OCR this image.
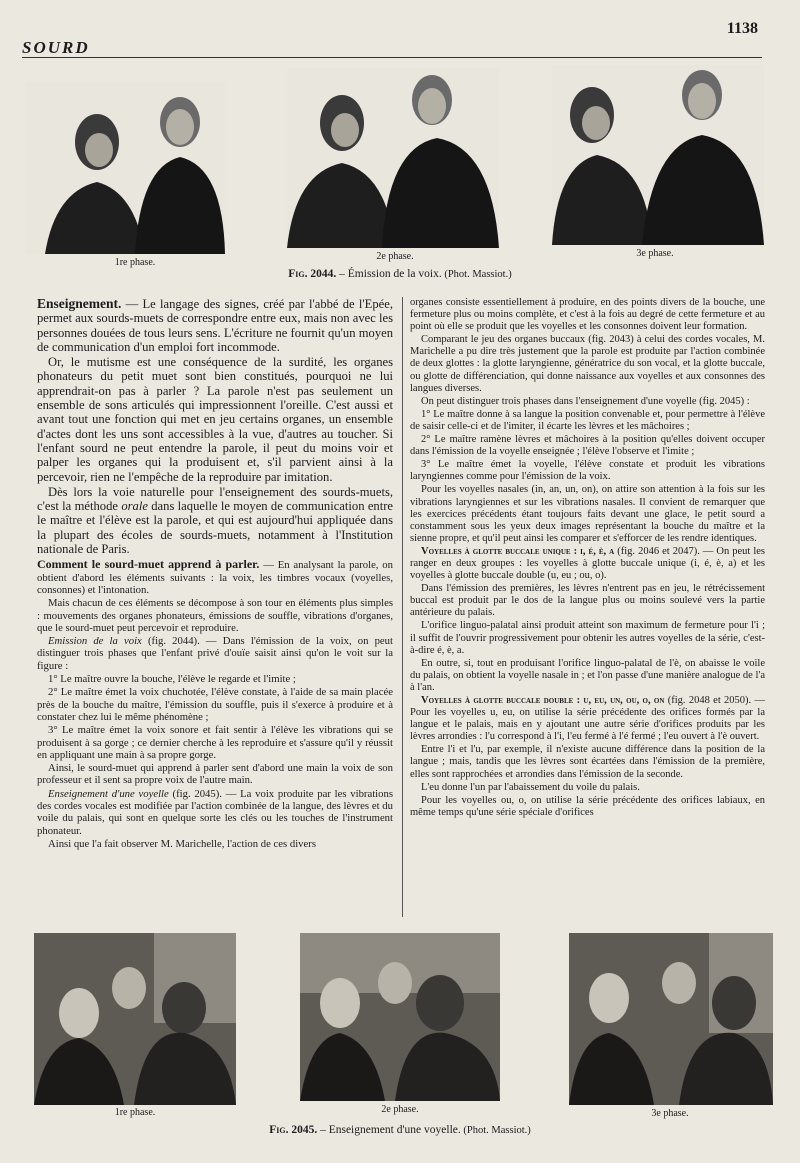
SOURD
1138
1re phase.
2e phase.	3e phase.
Fig. 2044. – Émission de la voix. (Phot. Massiot.)

Enseignement. — Le langage des signes, créé par l'abbé de l'Epée, permet aux sourds-muets de correspondre entre eux, mais non avec les personnes douées de tous leurs sens. L'écriture ne fournit qu'un moyen de communication d'un emploi fort incommode.

Or, le mutisme est une conséquence de la surdité, les organes phonateurs du petit muet sont bien constitués, pourquoi ne lui apprendrait-on pas à parler ? La parole n'est pas seulement un ensemble de sons articulés qui impressionnent l'oreille. C'est aussi et avant tout une fonction qui met en jeu certains organes, un ensemble d'actes dont les uns sont accessibles à la vue, d'autres au toucher. Si l'enfant sourd ne peut entendre la parole, il peut du moins voir et palper les organes qui la produisent et, s'il parvient ainsi à la percevoir, rien ne l'empêche de la reproduire par imitation.

Dès lors la voie naturelle pour l'enseignement des sourds-muets, c'est la méthode orale dans laquelle le moyen de communication entre le maître et l'élève est la parole, et qui est aujourd'hui appliquée dans la plupart des écoles de sourds-muets, notamment à l'Institution nationale de Paris.

Comment le sourd-muet apprend à parler. — En analysant la parole, on obtient d'abord les éléments suivants : la voix, les timbres vocaux (voyelles, consonnes) et l'intonation.

Mais chacun de ces éléments se décompose à son tour en éléments plus simples : mouvements des organes phonateurs, émissions de souffle, vibrations d'organes, que le sourd-muet peut percevoir et reproduire.

Emission de la voix (fig. 2044). — Dans l'émission de la voix, on peut distinguer trois phases que l'enfant privé d'ouïe saisit ainsi qu'on le voit sur la figure :

1° Le maître ouvre la bouche, l'élève le regarde et l'imite ;

2° Le maître émet la voix chuchotée, l'élève constate, à l'aide de sa main placée près de la bouche du maître, l'émission du souffle, puis il s'exerce à produire et à constater chez lui le même phénomène ;

3° Le maître émet la voix sonore et fait sentir à l'élève les vibrations qui se produisent à sa gorge ; ce dernier cherche à les reproduire et s'assure qu'il y réussit en appliquant une main à sa propre gorge.

Ainsi, le sourd-muet qui apprend à parler sent d'abord une main la voix de son professeur et il sent sa propre voix de l'autre main.

Enseignement d'une voyelle (fig. 2045). — La voix produite par les vibrations des cordes vocales est modifiée par l'action combinée de la langue, des lèvres et du voile du palais, qui sont en quelque sorte les clés ou les touches de l'instrument phonateur.

Ainsi que l'a fait observer M. Marichelle, l'action de ces divers

organes consiste essentiellement à produire, en des points divers de la bouche, une fermeture plus ou moins complète, et c'est à la fois au degré de cette fermeture et au point où elle se produit que les voyelles et les consonnes doivent leur formation.

Comparant le jeu des organes buccaux (fig. 2043) à celui des cordes vocales, M. Marichelle a pu dire très justement que la parole est produite par l'action combinée de deux glottes : la glotte laryngienne, génératrice du son vocal, et la glotte buccale, ou glotte de différenciation, qui donne naissance aux voyelles et aux consonnes des langues diverses.

On peut distinguer trois phases dans l'enseignement d'une voyelle (fig. 2045) :

1° Le maître donne à sa langue la position convenable et, pour permettre à l'élève de saisir celle-ci et de l'imiter, il écarte les lèvres et les mâchoires ;

2° Le maître ramène lèvres et mâchoires à la position qu'elles doivent occuper dans l'émission de la voyelle enseignée ; l'élève l'observe et l'imite ;

3° Le maître émet la voyelle, l'élève constate et produit les vibrations laryngiennes comme pour l'émission de la voix.

Pour les voyelles nasales (in, an, un, on), on attire son attention à la fois sur les vibrations laryngiennes et sur les vibrations nasales. Il convient de remarquer que les exercices précédents étant toujours faits devant une glace, le petit sourd a constamment sous les yeux deux images représentant la bouche du maître et la sienne propre, et qu'il peut ainsi les comparer et s'efforcer de les rendre identiques.

Voyelles à glotte buccale unique : i, é, è, a (fig. 2046 et 2047). — On peut les ranger en deux groupes : les voyelles à glotte buccale unique (i, é, è, a) et les voyelles à glotte buccale double (u, eu ; ou, o).

Dans l'émission des premières, les lèvres n'entrent pas en jeu, le rétrécissement buccal est produit par le dos de la langue plus ou moins soulevé vers la partie antérieure du palais.

L'orifice linguo-palatal ainsi produit atteint son maximum de fermeture pour l'i ; il suffit de l'ouvrir progressivement pour obtenir les autres voyelles de la série, c'est-à-dire é, è, a.

En outre, si, tout en produisant l'orifice linguo-palatal de l'è, on abaisse le voile du palais, on obtient la voyelle nasale in ; et l'on passe d'une manière analogue de l'a à l'an.

Voyelles à glotte buccale double : u, eu, un, ou, o, on (fig. 2048 et 2050). — Pour les voyelles u, eu, on utilise la série précédente des orifices formés par la langue et le palais, mais en y ajoutant une autre série d'orifices produits par les lèvres arrondies : l'u correspond à l'i, l'eu fermé à l'é fermé ; l'eu ouvert à l'è ouvert.

Entre l'i et l'u, par exemple, il n'existe aucune différence dans la position de la langue ; mais, tandis que les lèvres sont écartées dans l'émission de la première, elles sont rapprochées et arrondies dans l'émission de la seconde.

L'eu donne l'un par l'abaissement du voile du palais.

Pour les voyelles ou, o, on utilise la série précédente des orifices labiaux, en même temps qu'une série spéciale d'orifices

1re phase.	2e phase.	3e phase.
Fig. 2045. – Enseignement d'une voyelle. (Phot. Massiot.)
